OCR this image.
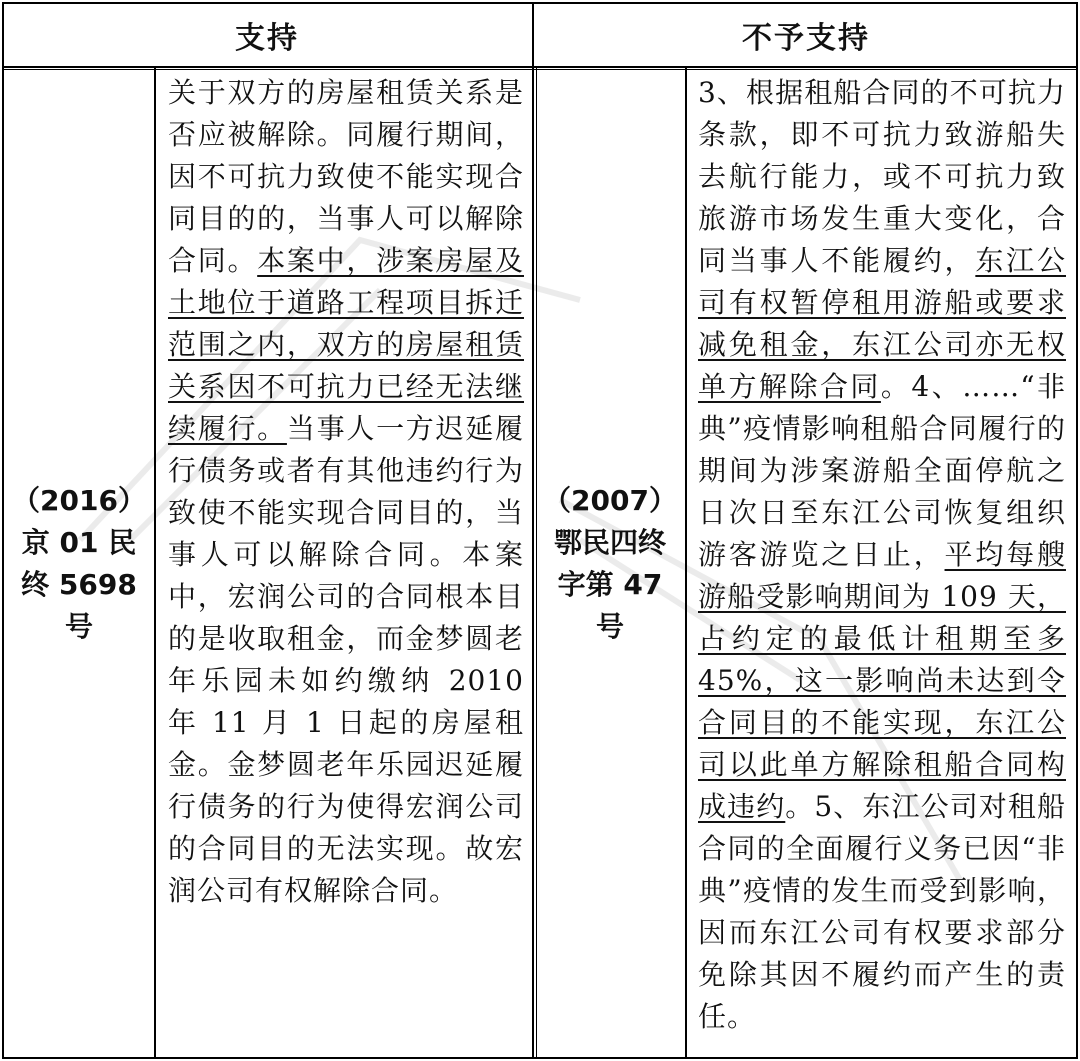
支持	不予支持
（2016）
京 01 民
终 5698
号
（2007）
鄂民四终
字第 47
号
关于双方的房屋租赁关系是否应被解除。同履行期间，因不可抗力致使不能实现合同目的的，当事人可以解除合同。本案中，涉案房屋及土地位于道路工程项目拆迁范围之内，双方的房屋租赁关系因不可抗力已经无法继续履行。当事人一方迟延履行债务或者有其他违约行为致使不能实现合同目的，当事人可以解除合同。本案中，宏润公司的合同根本目的是收取租金，而金梦圆老年乐园未如约缴纳 2010 年 11 月 1 日起的房屋租金。金梦圆老年乐园迟延履行债务的行为使得宏润公司的合同目的无法实现。故宏润公司有权解除合同。
3、根据租船合同的不可抗力条款，即不可抗力致游船失去航行能力，或不可抗力致旅游市场发生重大变化，合同当事人不能履约，东江公司有权暂停租用游船或要求减免租金，东江公司亦无权单方解除合同。4、……“非典”疫情影响租船合同履行的期间为涉案游船全面停航之日次日至东江公司恢复组织游客游览之日止，平均每艘游船受影响期间为 109 天，占约定的最低计租期至多 45%，这一影响尚未达到令合同目的不能实现，东江公司以此单方解除租船合同构成违约。5、东江公司对租船合同的全面履行义务已因“非典”疫情的发生而受到影响，因而东江公司有权要求部分免除其因不履约而产生的责任。
